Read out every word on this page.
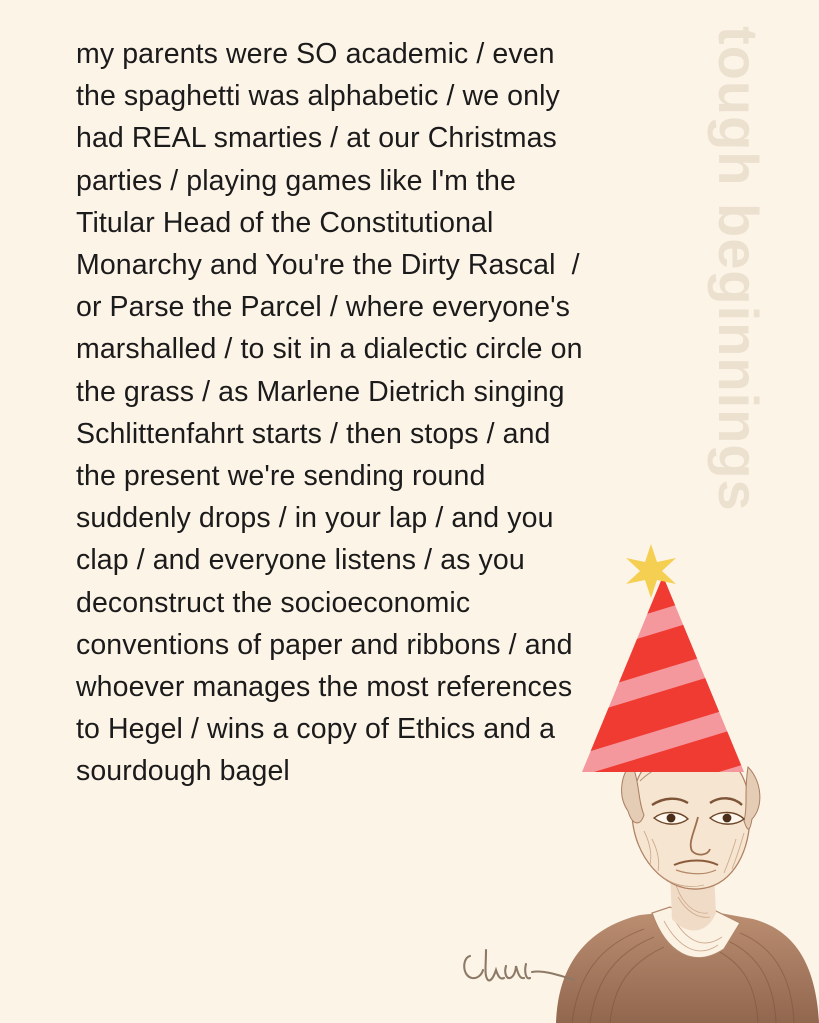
tough beginnings
my parents were SO academic / even the spaghetti was alphabetic / we only had REAL smarties / at our Christmas parties / playing games like I'm the Titular Head of the Constitutional Monarchy and You're the Dirty Rascal  / or Parse the Parcel / where everyone's marshalled / to sit in a dialectic circle on the grass / as Marlene Dietrich singing Schlittenfahrt starts / then stops / and the present we're sending round suddenly drops / in your lap / and you clap / and everyone listens / as you deconstruct the socioeconomic conventions of paper and ribbons / and whoever manages the most references to Hegel / wins a copy of Ethics and a sourdough bagel
